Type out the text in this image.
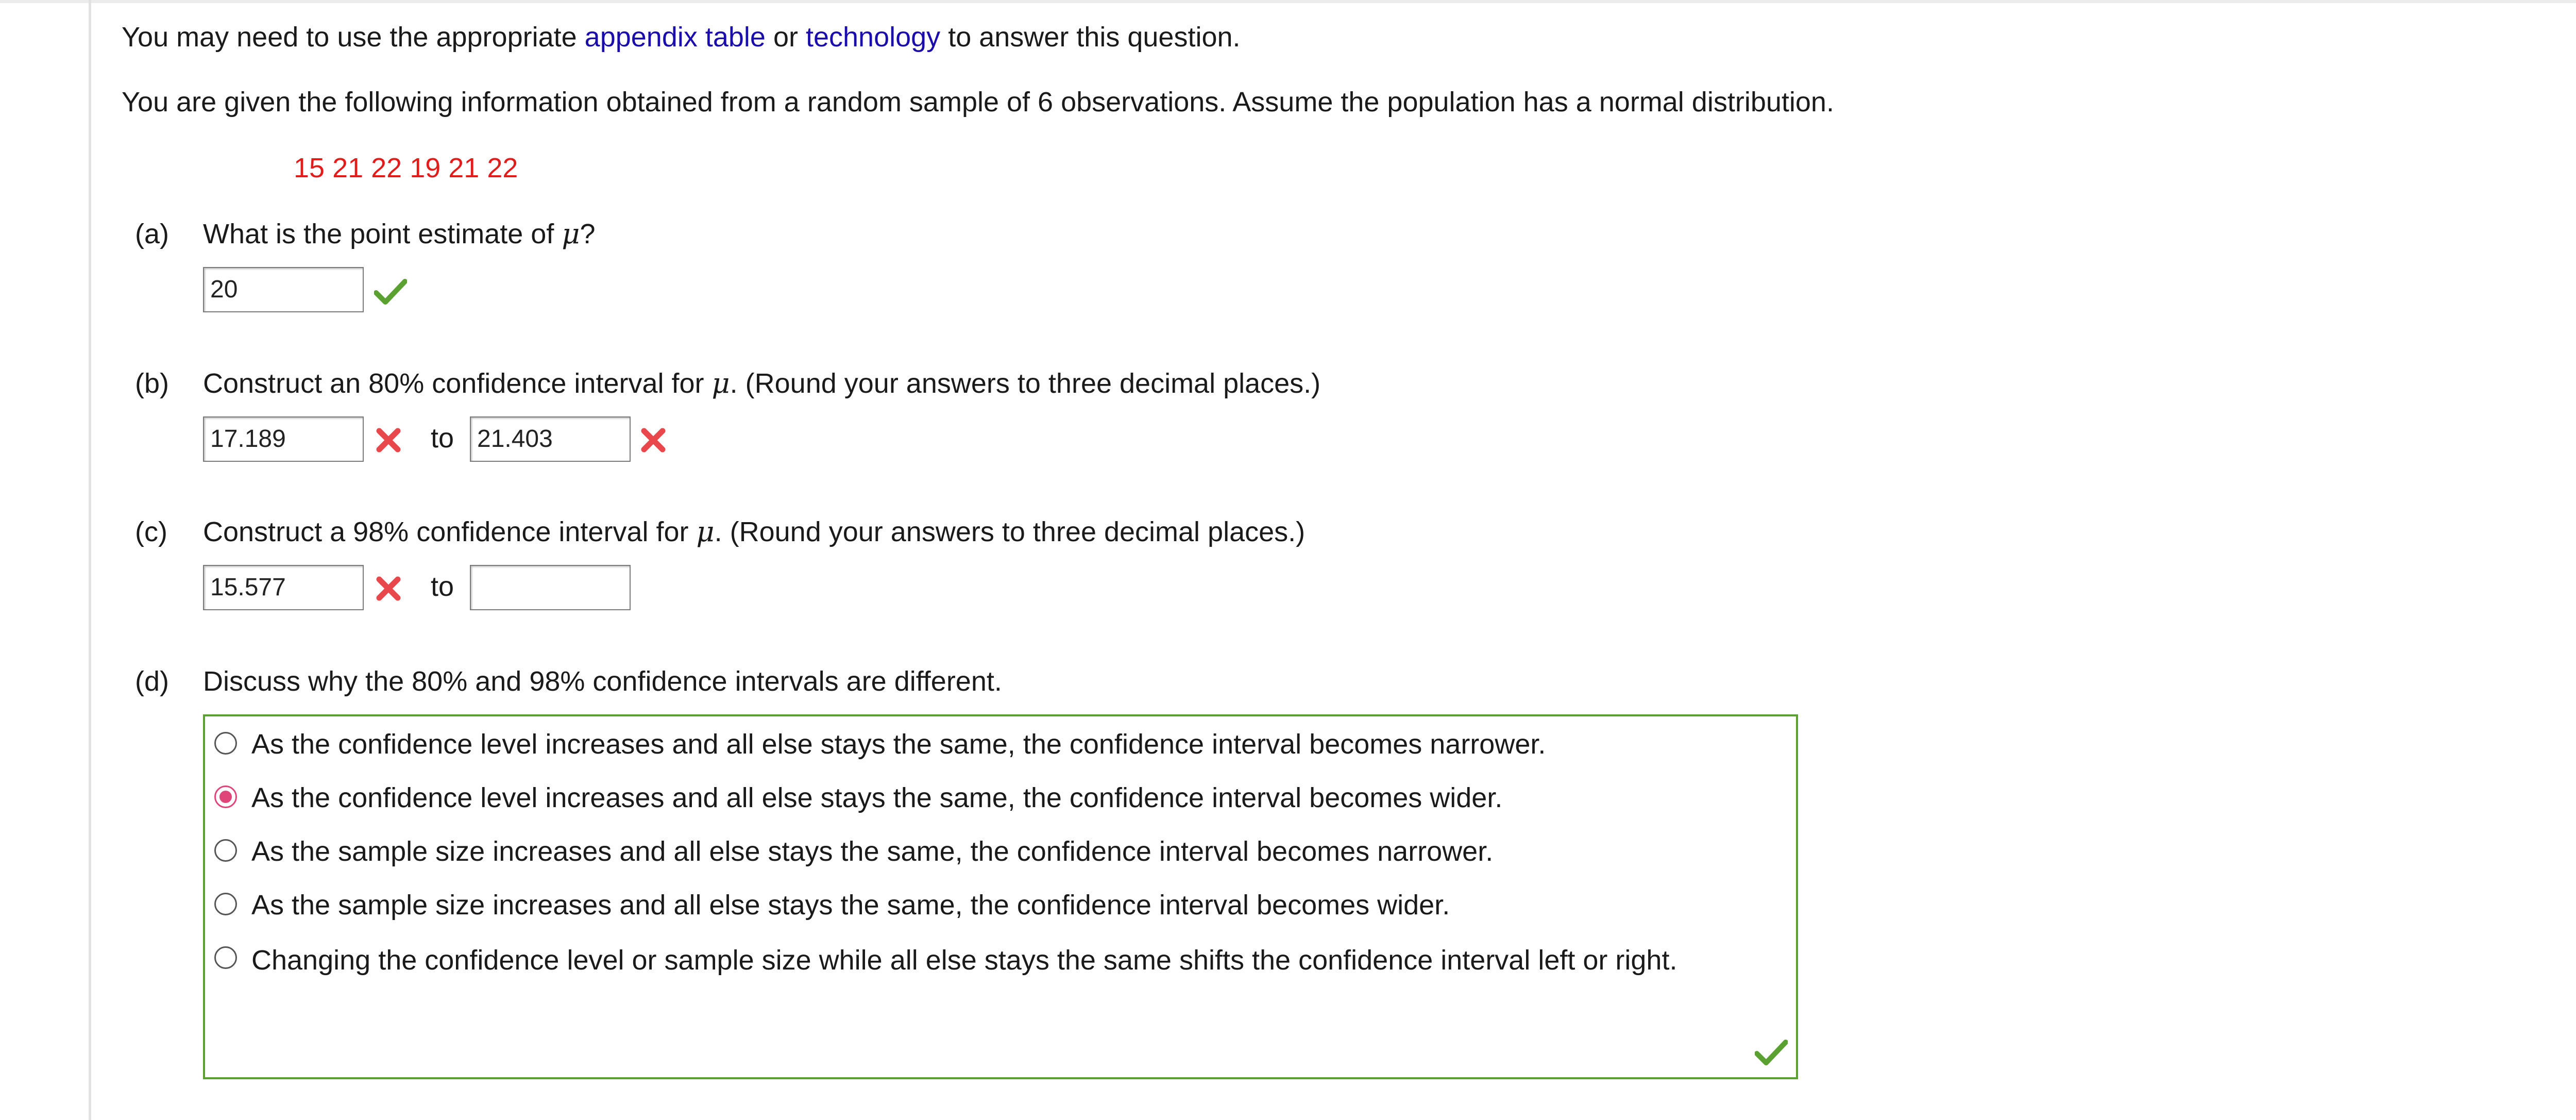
You may need to use the appropriate appendix table or technology to answer this question.
You are given the following information obtained from a random sample of 6 observations. Assume the population has a normal distribution.
15 21 22 19 21 22
(a) What is the point estimate of μ?
20
(b) Construct an 80% confidence interval for μ. (Round your answers to three decimal places.)
17.189	to 21.403
(c) Construct a 98% confidence interval for μ. (Round your answers to three decimal places.)
15.577	to
(d) Discuss why the 80% and 98% confidence intervals are different.
As the confidence level increases and all else stays the same, the confidence interval becomes narrower.
As the confidence level increases and all else stays the same, the confidence interval becomes wider.
As the sample size increases and all else stays the same, the confidence interval becomes narrower.
As the sample size increases and all else stays the same, the confidence interval becomes wider.
Changing the confidence level or sample size while all else stays the same shifts the confidence interval left or right.
